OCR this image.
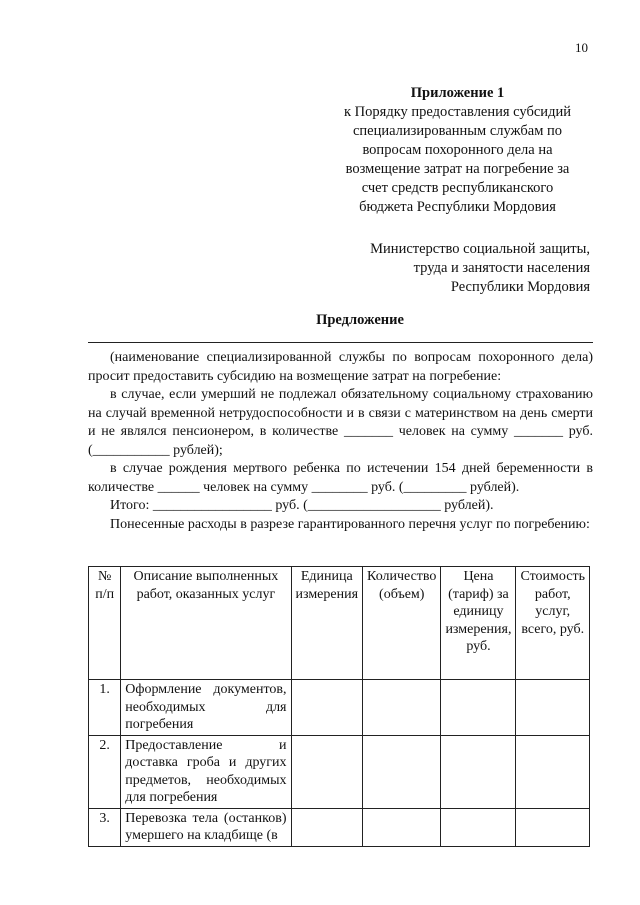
10
Приложение 1
к Порядку предоставления субсидий
специализированным службам по
вопросам похоронного дела на
возмещение затрат на погребение за
счет средств республиканского
бюджета Республики Мордовия
Министерство социальной защиты,
труда и занятости населения
Республики Мордовия
Предложение

(наименование специализированной службы по вопросам похоронного дела) просит предоставить субсидию на возмещение затрат на погребение:

в случае, если умерший не подлежал обязательному социальному страхованию на случай временной нетрудоспособности и в связи с материнством на день смерти и не являлся пенсионером, в количестве _______ человек на сумму _______ руб. (___________ рублей);

в случае рождения мертвого ребенка по истечении 154 дней беременности в количестве ______ человек на сумму ________ руб. (_________ рублей).

Итого: _________________ руб. (___________________ рублей).

Понесенные расходы в разрезе гарантированного перечня услуг по погребению:

№ п/п	Описание выполненных работ, оказанных услуг	Единица измерения	Количество (объем)	Цена (тариф) за единицу измерения, руб.	Стоимость работ, услуг, всего, руб.
1.	Оформление документов, необходимых для погребения				
2.	Предоставление и доставка гроба и других предметов, необходимых для погребения				
3.	Перевозка тела (останков) умершего на кладбище (в				
